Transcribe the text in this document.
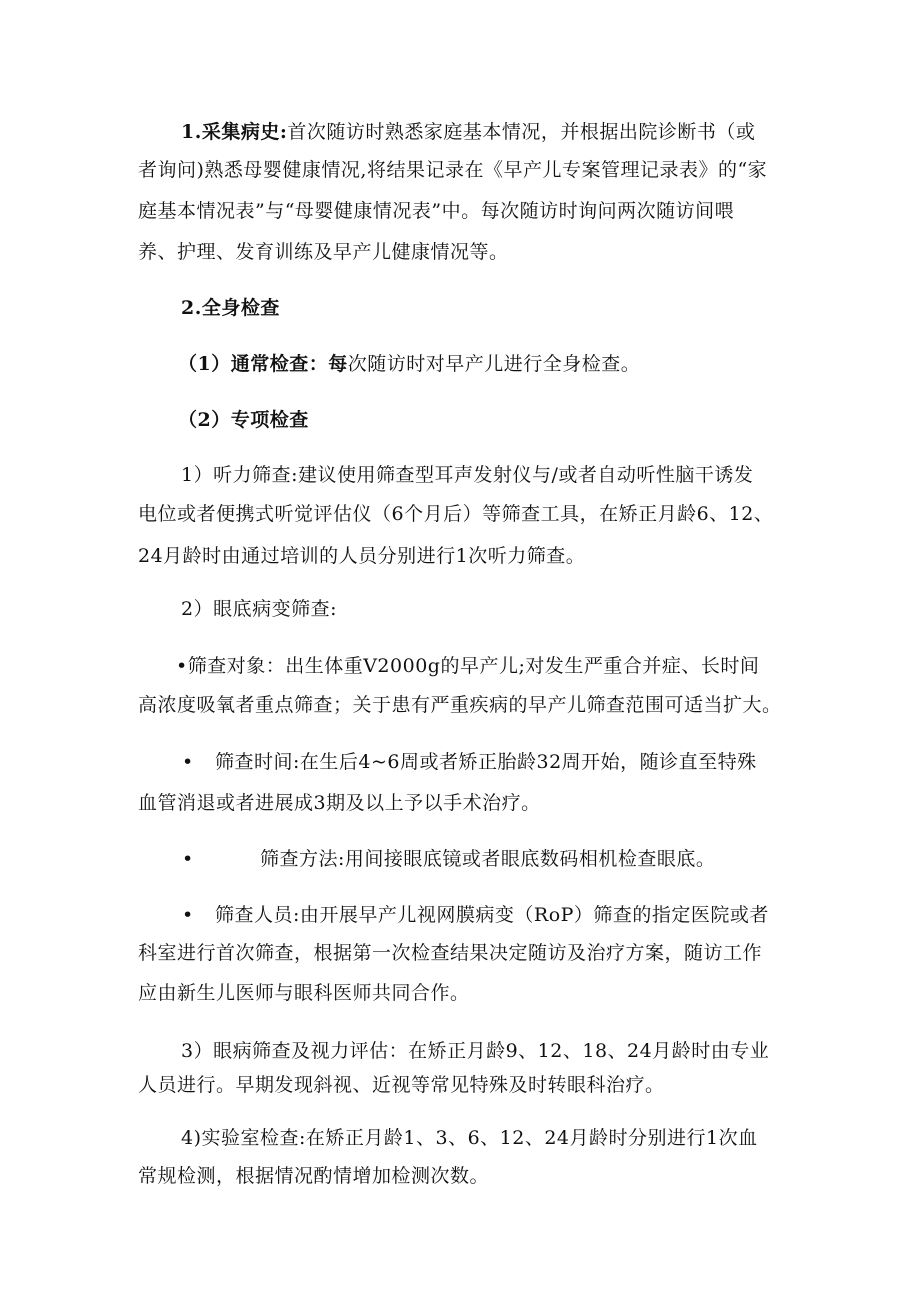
1.采集病史:首次随访时熟悉家庭基本情况，并根据出院诊断书（或
者询问)熟悉母婴健康情况,将结果记录在《早产儿专案管理记录表》的“家
庭基本情况表”与“母婴健康情况表”中。每次随访时询问两次随访间喂
养、护理、发育训练及早产儿健康情况等。
2.全身检查
（1）通常检查：每次随访时对早产儿进行全身检查。
（2）专项检查
1）听力筛查:建议使用筛查型耳声发射仪与/或者自动听性脑干诱发
电位或者便携式听觉评估仪（6个月后）等筛查工具，在矫正月龄6、12、
24月龄时由通过培训的人员分别进行1次听力筛查。
2）眼底病变筛查:
•筛查对象：出生体重V2000g的早产儿;对发生严重合并症、长时间
高浓度吸氧者重点筛查；关于患有严重疾病的早产儿筛查范围可适当扩大。
• 筛查时间:在生后4~6周或者矫正胎龄32周开始，随诊直至特殊
血管消退或者进展成3期及以上予以手术治疗。
•	筛查方法:用间接眼底镜或者眼底数码相机检查眼底。
• 筛查人员:由开展早产儿视网膜病变（RoP）筛查的指定医院或者
科室进行首次筛查，根据第一次检查结果决定随访及治疗方案，随访工作
应由新生儿医师与眼科医师共同合作。
3）眼病筛查及视力评估：在矫正月龄9、12、18、24月龄时由专业
人员进行。早期发现斜视、近视等常见特殊及时转眼科治疗。
4)实验室检查:在矫正月龄1、3、6、12、24月龄时分别进行1次血
常规检测，根据情况酌情增加检测次数。
